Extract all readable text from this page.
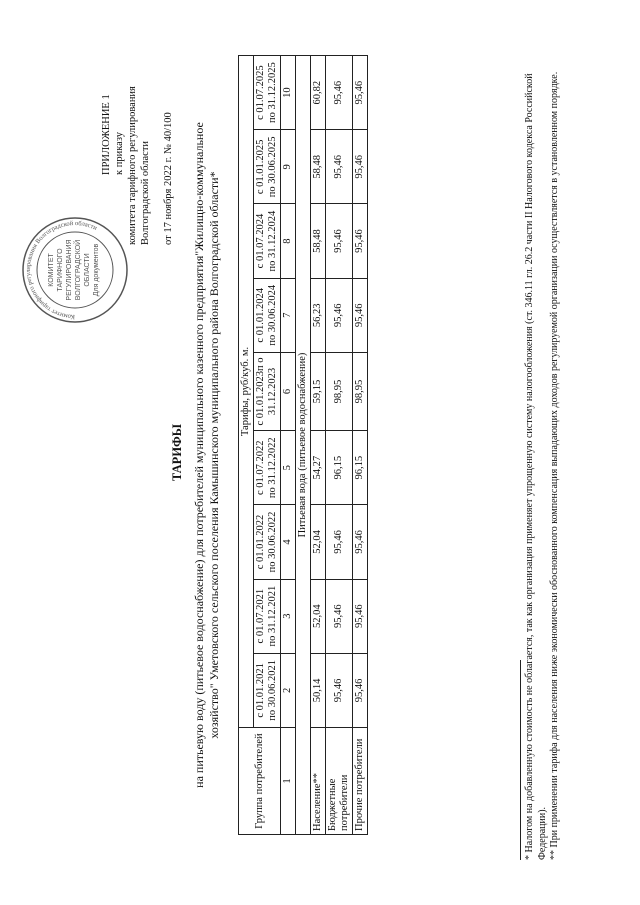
КОМИТЕТ ТАРИФНОГО РЕГУЛИРОВАНИЯ ВОЛГОГРАДСКОЙ ОБЛАСТИ Для документов
Комитет тарифного регулирования Волгоградской области
ПРИЛОЖЕНИЕ 1 к приказу комитета тарифного регулирования Волгоградской области от 17 ноября 2022 г. № 40/100
ТАРИФЫ на питьевую воду (питьевое водоснабжение) для потребителей муниципального казенного предприятия"Жилищно-коммунальное хозяйство" Уметовского сельского поселения Камышинского муниципального района Волгоградской области*
Группа потребителей	Тарифы, руб/куб. м.								
	с 01.01.2021 по 30.06.2021	с 01.07.2021 по 31.12.2021	с 01.01.2022 по 30.06.2022	с 01.07.2022 по 31.12.2022	с 01.01.2023п о 31.12.2023	с 01.01.2024 по 30.06.2024	с 01.07.2024 по 31.12.2024	с 01.01.2025 по 30.06.2025	с 01.07.2025 по 31.12.2025
1	2	3	4	5	6	7	8	9	10
Питьевая вода (питьевое водоснабжение)									
Население**	50,14	52,04	52,04	54,27	59,15	56,23	58,48	58,48	60,82
Бюджетные потребители	95,46	95,46	95,46	96,15	98,95	95,46	95,46	95,46	95,46
Прочие потребители	95,46	95,46	95,46	96,15	98,95	95,46	95,46	95,46	95,46	* Налогом на добавленную стоимость не облагается, так как организация применяет упрощенную систему налогообложения (ст. 346.11 гл. 26.2 части II Налогового кодекса Российской Федерации). ** При применении тарифа для населения ниже экономически обоснованного компенсация выпадающих доходов регулируемой организации осуществляется в установленном порядке.
